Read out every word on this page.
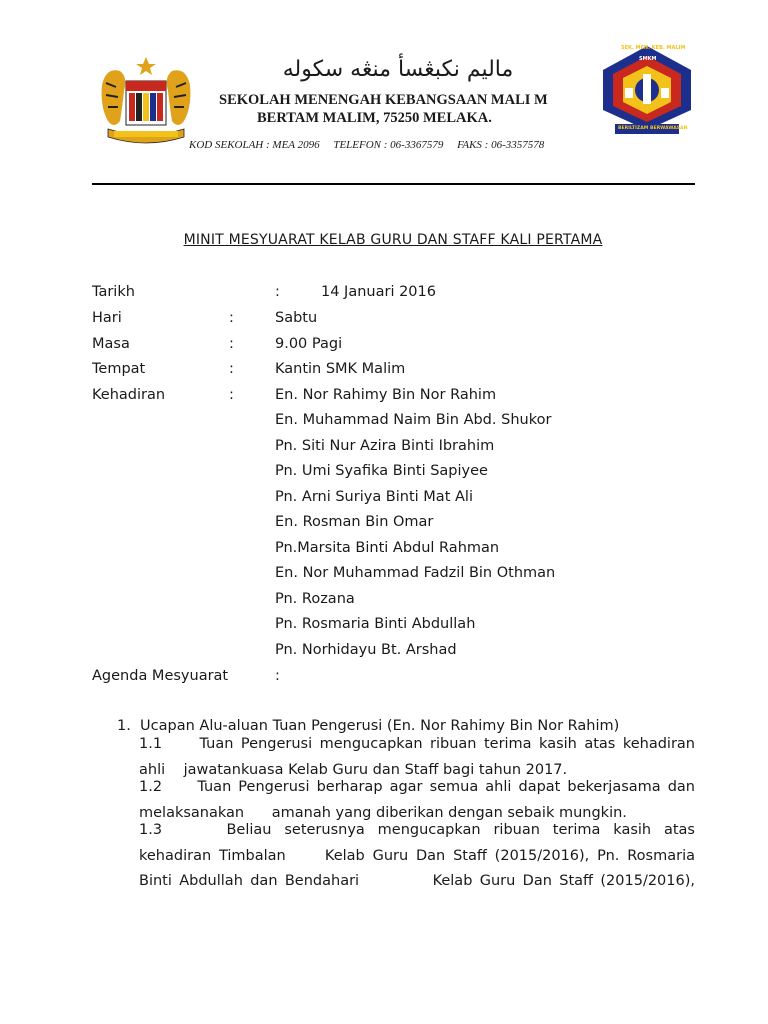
ماليم نکبڠسأ منڠه سکوله
SEKOLAH MENENGAH KEBANGSAAN MALI M
BERTAM MALIM, 75250 MELAKA.
KOD SEKOLAH : MEA 2096     TELEFON : 06-3367579     FAKS : 06-3357578
SEK. MEN. KEB. MALIM
SMKM
BERILTIZAM BERWAWASAN
MINIT MESYUARAT KELAB GURU DAN STAFF KALI PERTAMA
Tarikh	:	14 Januari 2016
Hari	:	Sabtu
Masa	:	9.00 Pagi
Tempat	:	Kantin SMK Malim
Kehadiran	:	En. Nor Rahimy Bin Nor Rahim
En. Muhammad Naim Bin Abd. Shukor
Pn. Siti Nur Azira Binti Ibrahim
Pn. Umi Syafika Binti Sapiyee
Pn. Arni Suriya Binti Mat Ali
En. Rosman Bin Omar
Pn.Marsita Binti Abdul Rahman
En. Nor Muhammad Fadzil Bin Othman
Pn. Rozana
Pn. Rosmaria Binti Abdullah
Pn. Norhidayu Bt. Arshad
Agenda Mesyuarat	:
1.  Ucapan Alu-aluan Tuan Pengerusi (En. Nor Rahimy Bin Nor Rahim)
1.1     Tuan Pengerusi mengucapkan ribuan terima kasih atas kehadiran
ahli    jawatankuasa Kelab Guru dan Staff bagi tahun 2017.
1.2     Tuan Pengerusi berharap agar semua ahli dapat bekerjasama dan
melaksanakan      amanah yang diberikan dengan sebaik mungkin.
1.3     Beliau seterusnya mengucapkan ribuan terima kasih atas
kehadiran Timbalan     Kelab Guru Dan Staff (2015/2016), Pn. Rosmaria
Binti Abdullah dan Bendahari          Kelab Guru Dan Staff (2015/2016),
